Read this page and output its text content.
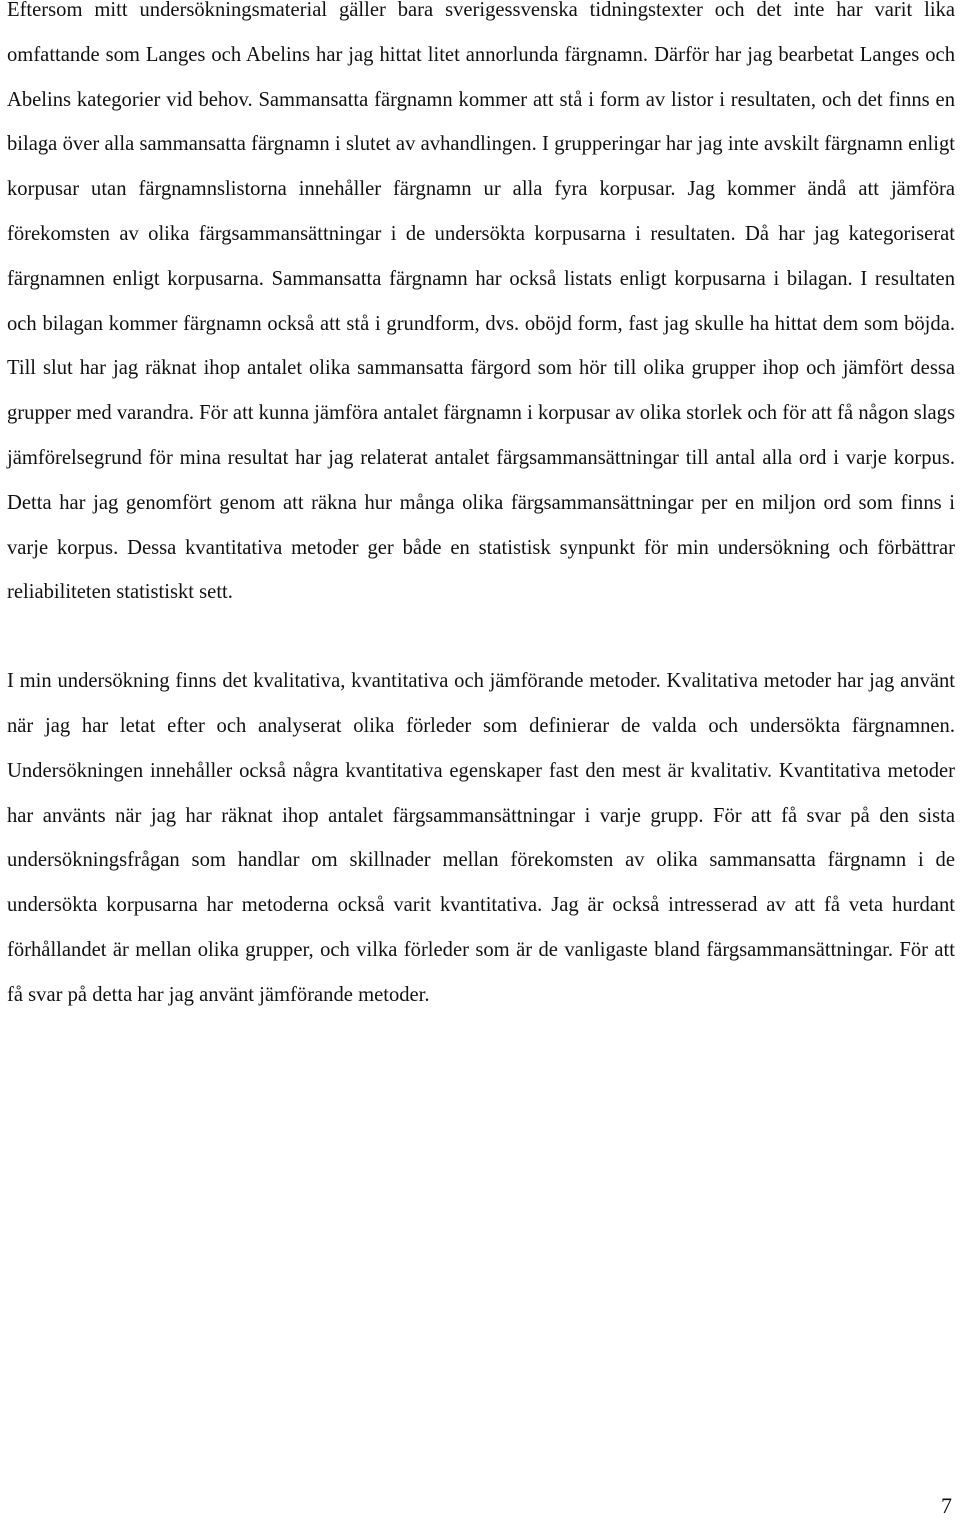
Eftersom mitt undersökningsmaterial gäller bara sverigessvenska tidningstexter och det inte har varit lika omfattande som Langes och Abelins har jag hittat litet annorlunda färgnamn. Därför har jag bearbetat Langes och Abelins kategorier vid behov. Sammansatta färgnamn kommer att stå i form av listor i resultaten, och det finns en bilaga över alla sammansatta färgnamn i slutet av avhandlingen. I grupperingar har jag inte avskilt färgnamn enligt korpusar utan färgnamnslistorna innehåller färgnamn ur alla fyra korpusar. Jag kommer ändå att jämföra förekomsten av olika färgsammansättningar i de undersökta korpusarna i resultaten. Då har jag kategoriserat färgnamnen enligt korpusarna. Sammansatta färgnamn har också listats enligt korpusarna i bilagan. I resultaten och bilagan kommer färgnamn också att stå i grundform, dvs. oböjd form, fast jag skulle ha hittat dem som böjda. Till slut har jag räknat ihop antalet olika sammansatta färgord som hör till olika grupper ihop och jämfört dessa grupper med varandra. För att kunna jämföra antalet färgnamn i korpusar av olika storlek och för att få någon slags jämförelsegrund för mina resultat har jag relaterat antalet färgsammansättningar till antal alla ord i varje korpus. Detta har jag genomfört genom att räkna hur många olika färgsammansättningar per en miljon ord som finns i varje korpus. Dessa kvantitativa metoder ger både en statistisk synpunkt för min undersökning och förbättrar reliabiliteten statistiskt sett.

I min undersökning finns det kvalitativa, kvantitativa och jämförande metoder. Kvalitativa metoder har jag använt när jag har letat efter och analyserat olika förleder som definierar de valda och undersökta färgnamnen. Undersökningen innehåller också några kvantitativa egenskaper fast den mest är kvalitativ. Kvantitativa metoder har använts när jag har räknat ihop antalet färgsammansättningar i varje grupp. För att få svar på den sista undersökningsfrågan som handlar om skillnader mellan förekomsten av olika sammansatta färgnamn i de undersökta korpusarna har metoderna också varit kvantitativa. Jag är också intresserad av att få veta hurdant förhållandet är mellan olika grupper, och vilka förleder som är de vanligaste bland färgsammansättningar. För att få svar på detta har jag använt jämförande metoder.

7
